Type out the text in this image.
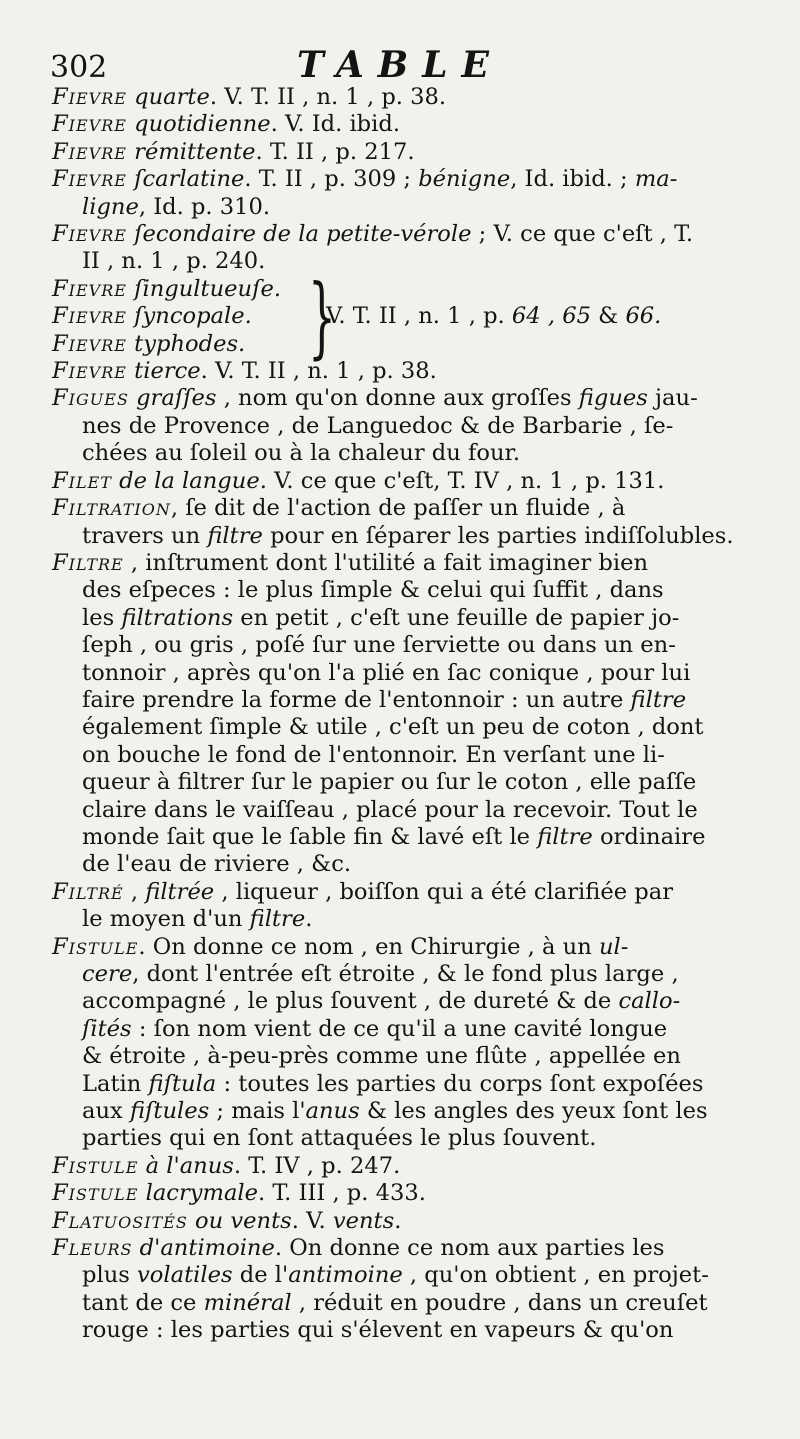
302	TABLE
Fievre quarte. V. T. II , n. 1 , p. 38.
Fievre quotidienne. V. Id. ibid.
Fievre rémittente. T. II , p. 217.
Fievre ſcarlatine. T. II , p. 309 ; bénigne, Id. ibid. ; ma-
ligne, Id. p. 310.
Fievre ſecondaire de la petite-vérole ; V. ce que c'eſt , T.
II , n. 1 , p. 240.
Fievre ſingultueuſe.
Fievre ſyncopale.
Fievre typhodes. }
V. T. II , n. 1 , p. 64 , 65 & 66.
Fievre tierce. V. T. II , n. 1 , p. 38.
Figues graſſes , nom qu'on donne aux groſſes figues jau-
nes de Provence , de Languedoc & de Barbarie , ſe-
chées au ſoleil ou à la chaleur du four.
Filet de la langue. V. ce que c'eſt, T. IV , n. 1 , p. 131.
Filtration, ſe dit de l'action de paſſer un fluide , à
travers un filtre pour en ſéparer les parties indiſſolubles.
Filtre , inſtrument dont l'utilité a fait imaginer bien
des eſpeces : le plus ſimple & celui qui ſuffit , dans
les filtrations en petit , c'eſt une feuille de papier jo-
ſeph , ou gris , poſé ſur une ſerviette ou dans un en-
tonnoir , après qu'on l'a plié en ſac conique , pour lui
faire prendre la forme de l'entonnoir : un autre filtre
également ſimple & utile , c'eſt un peu de coton , dont
on bouche le fond de l'entonnoir. En verſant une li-
queur à filtrer ſur le papier ou ſur le coton , elle paſſe
claire dans le vaiſſeau , placé pour la recevoir. Tout le
monde ſait que le ſable fin & lavé eſt le filtre ordinaire
de l'eau de riviere , &c.
Filtré , filtrée , liqueur , boiſſon qui a été clarifiée par
le moyen d'un filtre.
Fistule. On donne ce nom , en Chirurgie , à un ul-
cere, dont l'entrée eſt étroite , & le fond plus large ,
accompagné , le plus ſouvent , de dureté & de callo-
ſités : ſon nom vient de ce qu'il a une cavité longue
& étroite , à-peu-près comme une flûte , appellée en
Latin fiſtula : toutes les parties du corps ſont expoſées
aux fiſtules ; mais l'anus & les angles des yeux ſont les
parties qui en ſont attaquées le plus ſouvent.
Fistule à l'anus. T. IV , p. 247.
Fistule lacrymale. T. III , p. 433.
Flatuosités ou vents. V. vents.
Fleurs d'antimoine. On donne ce nom aux parties les
plus volatiles de l'antimoine , qu'on obtient , en projet-
tant de ce minéral , réduit en poudre , dans un creuſet
rouge : les parties qui s'élevent en vapeurs & qu'on
